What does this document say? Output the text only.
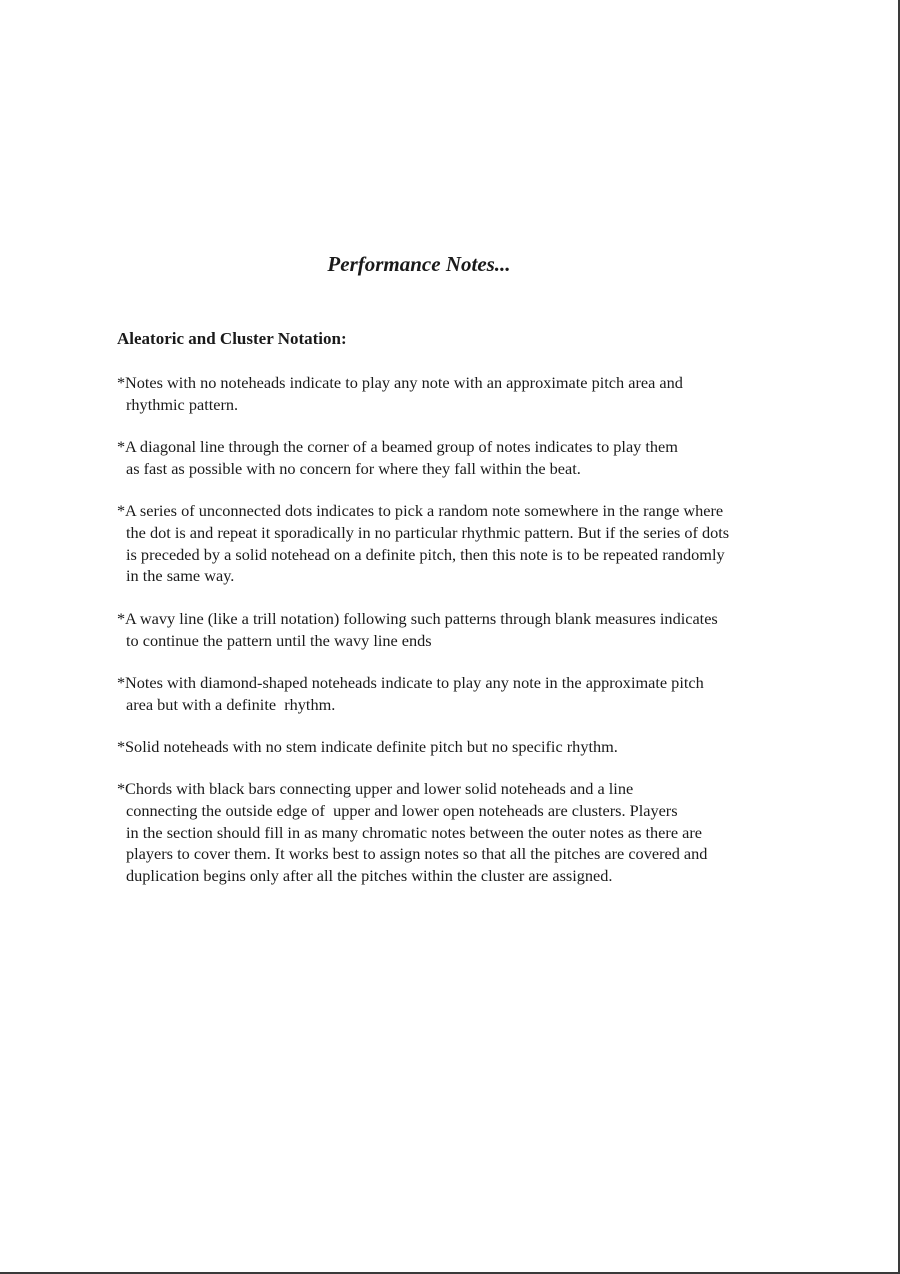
Performance Notes...
Aleatoric and Cluster Notation:
*Notes with no noteheads indicate to play any note with an approximate pitch area and
rhythmic pattern.
*A diagonal line through the corner of a beamed group of notes indicates to play them
as fast as possible with no concern for where they fall within the beat.
*A series of unconnected dots indicates to pick a random note somewhere in the range where
the dot is and repeat it sporadically in no particular rhythmic pattern. But if the series of dots
is preceded by a solid notehead on a definite pitch, then this note is to be repeated randomly
in the same way.
*A wavy line (like a trill notation) following such patterns through blank measures indicates
to continue the pattern until the wavy line ends
*Notes with diamond-shaped noteheads indicate to play any note in the approximate pitch
area but with a definite  rhythm.
*Solid noteheads with no stem indicate definite pitch but no specific rhythm.
*Chords with black bars connecting upper and lower solid noteheads and a line
connecting the outside edge of  upper and lower open noteheads are clusters. Players
in the section should fill in as many chromatic notes between the outer notes as there are
players to cover them. It works best to assign notes so that all the pitches are covered and
duplication begins only after all the pitches within the cluster are assigned.
